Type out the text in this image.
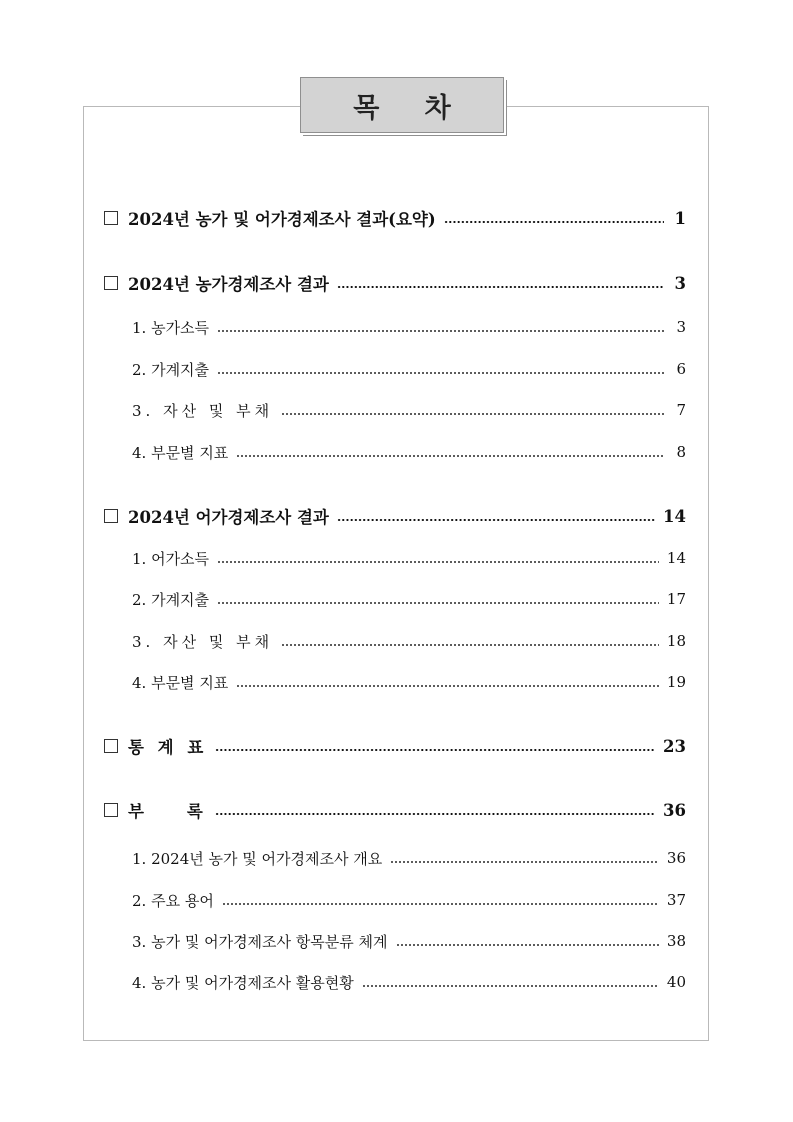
목 차
2024년 농가 및 어가경제조사 결과(요약)	1
2024년 농가경제조사 결과	3
1. 농가소득	3
2. 가계지출	6
3. 자산 및 부채	7
4. 부문별 지표	8
2024년 어가경제조사 결과	14
1. 어가소득	14
2. 가계지출	17
3. 자산 및 부채	18
4. 부문별 지표	19
통 계 표	23
부    록	36
1. 2024년 농가 및 어가경제조사 개요	36
2. 주요 용어	37
3. 농가 및 어가경제조사 항목분류 체계	38
4. 농가 및 어가경제조사 활용현황	40
